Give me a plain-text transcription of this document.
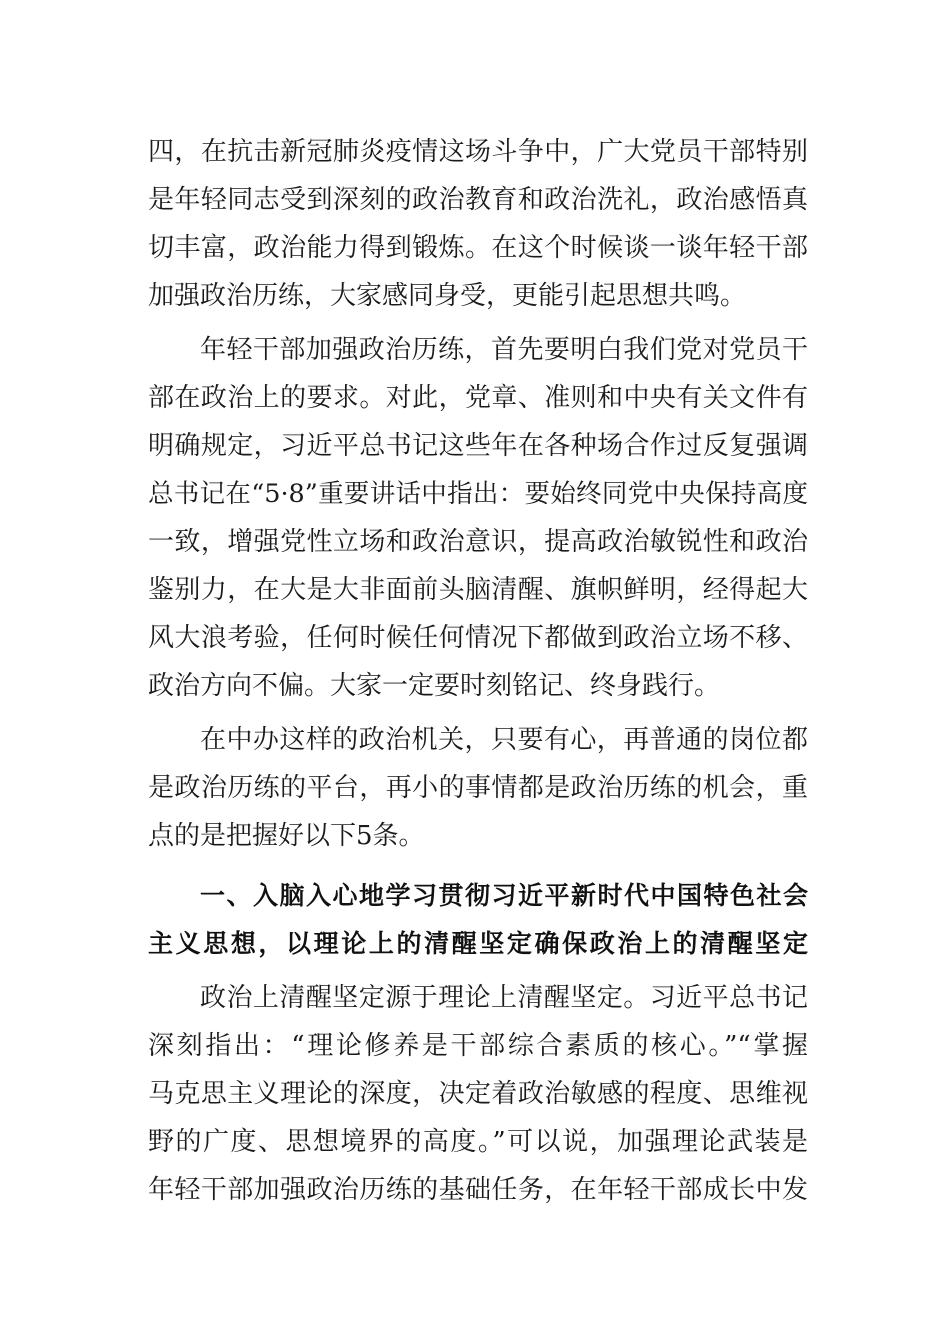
四，在抗击新冠肺炎疫情这场斗争中，广大党员干部特别
是年轻同志受到深刻的政治教育和政治洗礼，政治感悟真
切丰富，政治能力得到锻炼。在这个时候谈一谈年轻干部
加强政治历练，大家感同身受，更能引起思想共鸣。
年轻干部加强政治历练，首先要明白我们党对党员干
部在政治上的要求。对此，党章、准则和中央有关文件有
明确规定，习近平总书记这些年在各种场合作过反复强调
总书记在“5·8”重要讲话中指出：要始终同党中央保持高度
一致，增强党性立场和政治意识，提高政治敏锐性和政治
鉴别力，在大是大非面前头脑清醒、旗帜鲜明，经得起大
风大浪考验，任何时候任何情况下都做到政治立场不移、
政治方向不偏。大家一定要时刻铭记、终身践行。
在中办这样的政治机关，只要有心，再普通的岗位都
是政治历练的平台，再小的事情都是政治历练的机会，重
点的是把握好以下5条。
一、入脑入心地学习贯彻习近平新时代中国特色社会
主义思想，以理论上的清醒坚定确保政治上的清醒坚定
政治上清醒坚定源于理论上清醒坚定。习近平总书记
深刻指出：“理论修养是干部综合素质的核心。”“掌握
马克思主义理论的深度，决定着政治敏感的程度、思维视
野的广度、思想境界的高度。”可以说，加强理论武装是
年轻干部加强政治历练的基础任务，在年轻干部成长中发
